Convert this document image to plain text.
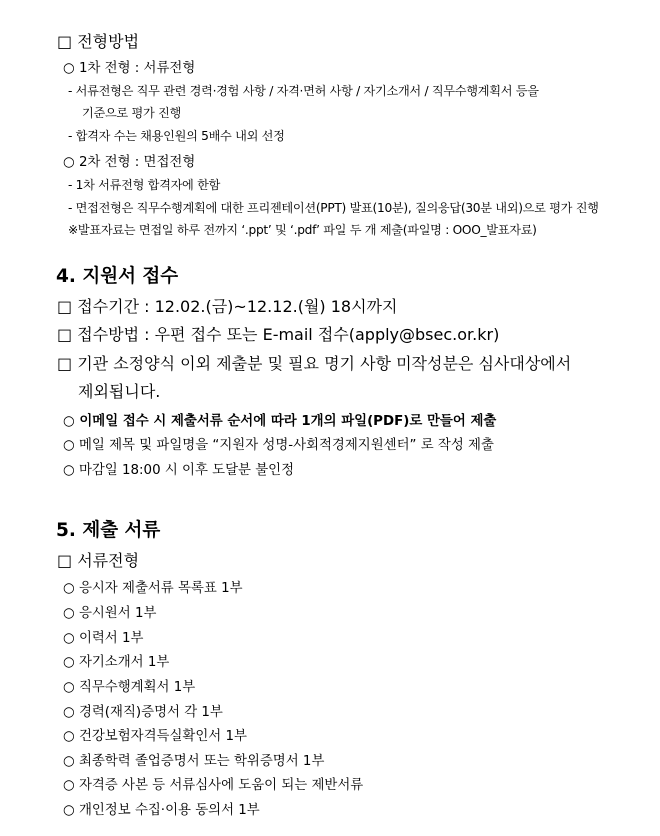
□ 전형방법
○ 1차 전형 : 서류전형
- 서류전형은 직무 관련 경력·경험 사항 / 자격·면허 사항 / 자기소개서 / 직무수행계획서 등을
기준으로 평가 진행
- 합격자 수는 채용인원의 5배수 내외 선정
○ 2차 전형 : 면접전형
- 1차 서류전형 합격자에 한함
- 면접전형은 직무수행계획에 대한 프리젠테이션(PPT) 발표(10분), 질의응답(30분 내외)으로 평가 진행
※발표자료는 면접일 하루 전까지 ‘.ppt’ 및 ‘.pdf’ 파일 두 개 제출(파일명 : OOO_발표자료)
4. 지원서 접수
□ 접수기간 : 12.02.(금)~12.12.(월) 18시까지
□ 접수방법 : 우편 접수 또는 E-mail 접수(apply@bsec.or.kr)
□ 기관 소정양식 이외 제출분 및 필요 명기 사항 미작성분은 심사대상에서
제외됩니다.
○ 이메일 접수 시 제출서류 순서에 따라 1개의 파일(PDF)로 만들어 제출
○ 메일 제목 및 파일명을 “지원자 성명-사회적경제지원센터” 로 작성 제출
○ 마감일 18:00 시 이후 도달분 불인정
5. 제출 서류
□ 서류전형
○ 응시자 제출서류 목록표 1부
○ 응시원서 1부
○ 이력서 1부
○ 자기소개서 1부
○ 직무수행계획서 1부
○ 경력(재직)증명서 각 1부
○ 건강보험자격득실확인서 1부
○ 최종학력 졸업증명서 또는 학위증명서 1부
○ 자격증 사본 등 서류심사에 도움이 되는 제반서류
○ 개인정보 수집·이용 동의서 1부
